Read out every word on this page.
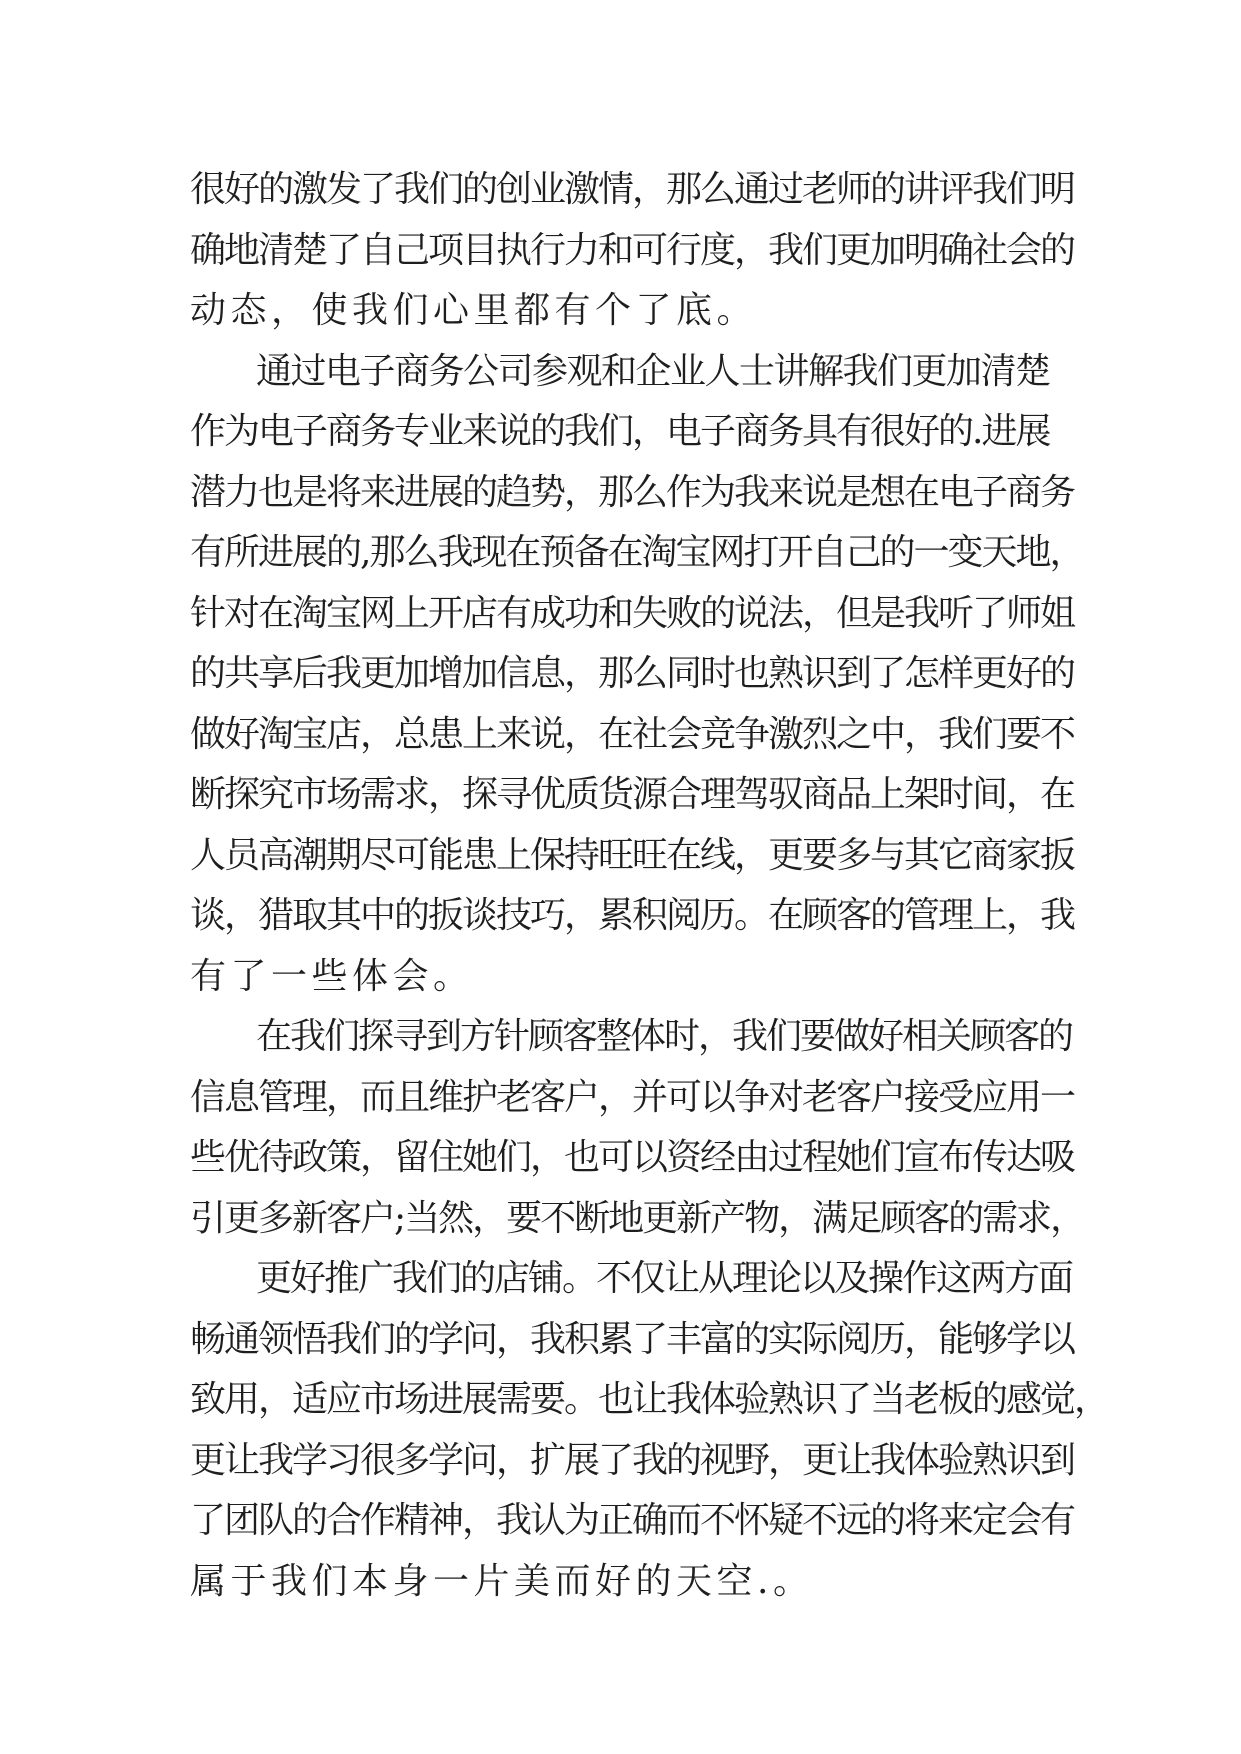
很好的激发了我们的创业激情，那么通过老师的讲评我们明
确地清楚了自己项目执行力和可行度，我们更加明确社会的
动态，使我们心里都有个了底。
通过电子商务公司参观和企业人士讲解我们更加清楚
作为电子商务专业来说的我们，电子商务具有很好的.进展
潜力也是将来进展的趋势，那么作为我来说是想在电子商务
有所进展的,那么我现在预备在淘宝网打开自己的一变天地，
针对在淘宝网上开店有成功和失败的说法，但是我听了师姐
的共享后我更加增加信息，那么同时也熟识到了怎样更好的
做好淘宝店，总患上来说，在社会竞争激烈之中，我们要不
断探究市场需求，探寻优质货源合理驾驭商品上架时间，在
人员高潮期尽可能患上保持旺旺在线，更要多与其它商家扳
谈，猎取其中的扳谈技巧，累积阅历。在顾客的管理上，我
有了一些体会。
在我们探寻到方针顾客整体时，我们要做好相关顾客的
信息管理，而且维护老客户，并可以争对老客户接受应用一
些优待政策，留住她们，也可以资经由过程她们宣布传达吸
引更多新客户;当然，要不断地更新产物，满足顾客的需求，
更好推广我们的店铺。不仅让从理论以及操作这两方面
畅通领悟我们的学问，我积累了丰富的实际阅历，能够学以
致用，适应市场进展需要。也让我体验熟识了当老板的感觉，
更让我学习很多学问，扩展了我的视野，更让我体验熟识到
了团队的合作精神，我认为正确而不怀疑不远的将来定会有
属于我们本身一片美而好的天空.。
